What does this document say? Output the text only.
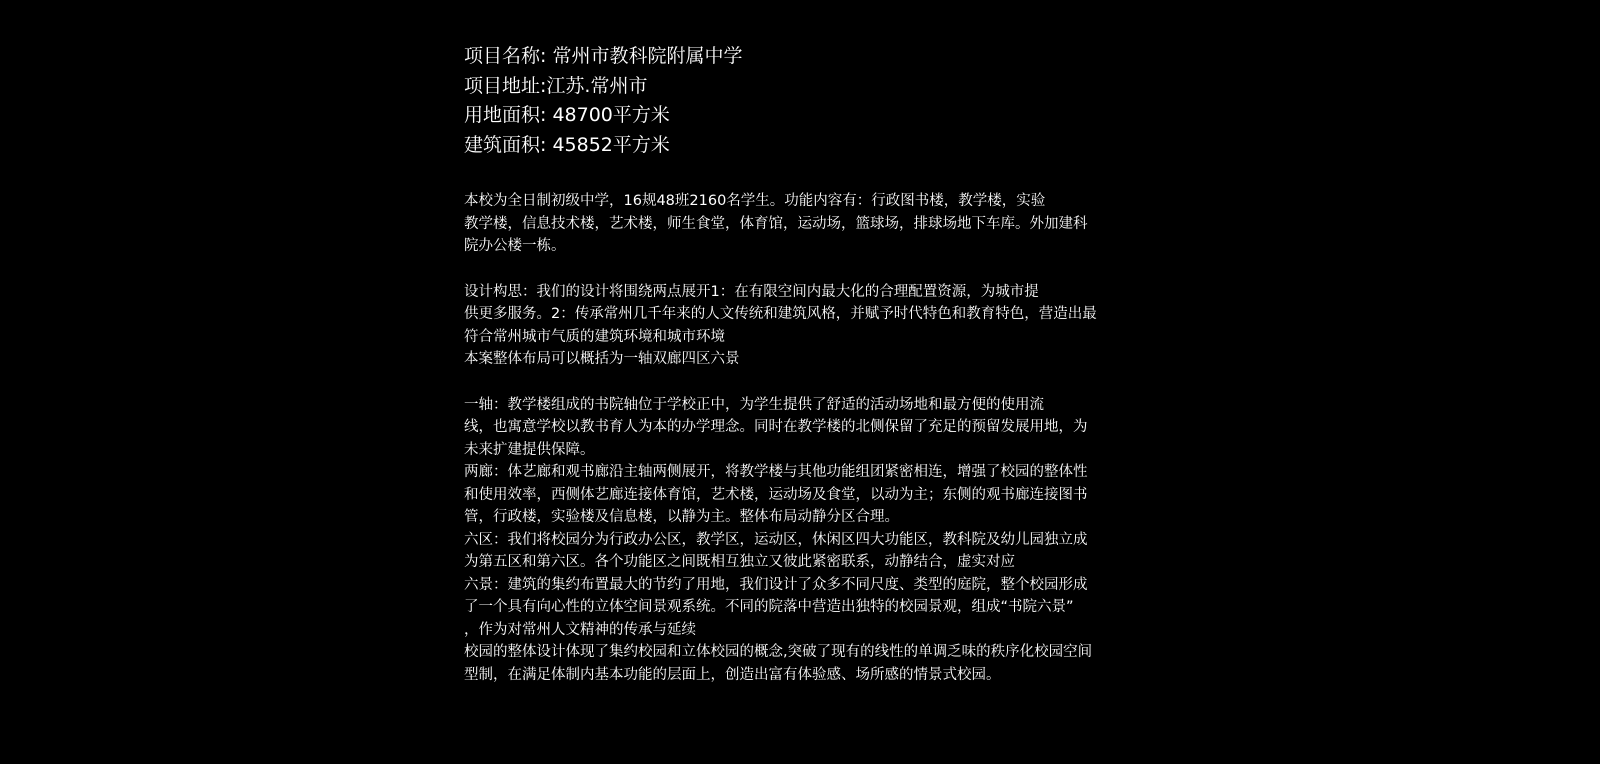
项目名称: 常州市教科院附属中学
项目地址:江苏.常州市
用地面积: 48700平方米
建筑面积: 45852平方米
本校为全日制初级中学，16规48班2160名学生。功能内容有：行政图书楼，教学楼，实验
教学楼，信息技术楼，艺术楼，师生食堂，体育馆，运动场，篮球场，排球场地下车库。外加建科
院办公楼一栋。
设计构思：我们的设计将围绕两点展开1：在有限空间内最大化的合理配置资源，为城市提
供更多服务。2：传承常州几千年来的人文传统和建筑风格，并赋予时代特色和教育特色，营造出最
符合常州城市气质的建筑环境和城市环境
本案整体布局可以概括为一轴双廊四区六景
一轴：教学楼组成的书院轴位于学校正中，为学生提供了舒适的活动场地和最方便的使用流
线，也寓意学校以教书育人为本的办学理念。同时在教学楼的北侧保留了充足的预留发展用地，为
未来扩建提供保障。
两廊：体艺廊和观书廊沿主轴两侧展开，将教学楼与其他功能组团紧密相连，增强了校园的整体性
和使用效率，西侧体艺廊连接体育馆，艺术楼，运动场及食堂，以动为主；东侧的观书廊连接图书
管，行政楼，实验楼及信息楼，以静为主。整体布局动静分区合理。
六区：我们将校园分为行政办公区，教学区，运动区，休闲区四大功能区，教科院及幼儿园独立成
为第五区和第六区。各个功能区之间既相互独立又彼此紧密联系，动静结合，虚实对应
六景：建筑的集约布置最大的节约了用地，我们设计了众多不同尺度、类型的庭院，整个校园形成
了一个具有向心性的立体空间景观系统。不同的院落中营造出独特的校园景观，组成“书院六景”
，作为对常州人文精神的传承与延续
校园的整体设计体现了集约校园和立体校园的概念,突破了现有的线性的单调乏味的秩序化校园空间
型制，在满足体制内基本功能的层面上，创造出富有体验感、场所感的情景式校园。
